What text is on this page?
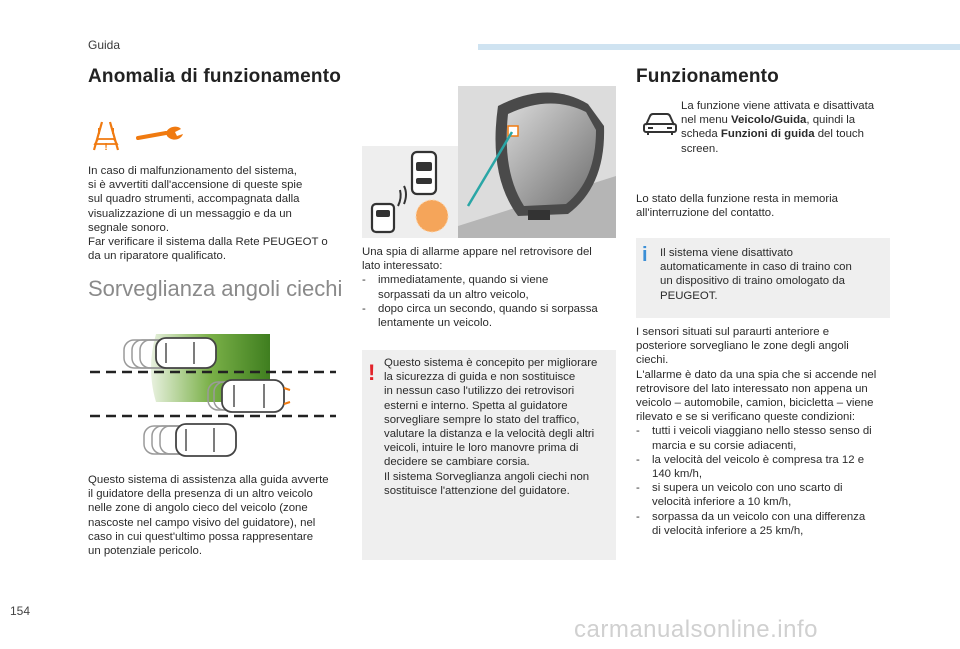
Guida
Anomalia di funzionamento
!

In caso di malfunzionamento del sistema,

si è avvertiti dall'accensione di queste spie

sul quadro strumenti, accompagnata dalla

visualizzazione di un messaggio e da un

segnale sonoro.

Far verificare il sistema dalla Rete PEUGEOT o

da un riparatore qualificato.

Sorveglianza angoli ciechi

Questo sistema di assistenza alla guida avverte

il guidatore della presenza di un altro veicolo

nelle zone di angolo cieco del veicolo (zone

nascoste nel campo visivo del guidatore), nel

caso in cui quest'ultimo possa rappresentare

un potenziale pericolo.

Una spia di allarme appare nel retrovisore del

lato interessato:

- immediatamente, quando si viene
sorpassati da un altro veicolo,
- dopo circa un secondo, quando si sorpassa
lentamente un veicolo.
! Questo sistema è concepito per migliorare

la sicurezza di guida e non sostituisce

in nessun caso l'utilizzo dei retrovisori

esterni e interno. Spetta al guidatore

sorvegliare sempre lo stato del traffico,

valutare la distanza e la velocità degli altri

veicoli, intuire le loro manovre prima di

decidere se cambiare corsia.

Il sistema Sorveglianza angoli ciechi non

sostituisce l'attenzione del guidatore.

Funzionamento

La funzione viene attivata e disattivata

nel menu Veicolo/Guida, quindi la

scheda Funzioni di guida del touch

screen.

Lo stato della funzione resta in memoria

all'interruzione del contatto.

i Il sistema viene disattivato

automaticamente in caso di traino con

un dispositivo di traino omologato da

PEUGEOT.

I sensori situati sul paraurti anteriore e

posteriore sorvegliano le zone degli angoli

ciechi.

L'allarme è dato da una spia che si accende nel

retrovisore del lato interessato non appena un

veicolo – automobile, camion, bicicletta – viene

rilevato e se si verificano queste condizioni:

- tutti i veicoli viaggiano nello stesso senso di
marcia e su corsie adiacenti,
- la velocità del veicolo è compresa tra 12 e
140 km/h,
- si supera un veicolo con uno scarto di
velocità inferiore a 10 km/h,
- sorpassa da un veicolo con una differenza
di velocità inferiore a 25 km/h,
154
carmanualsonline.info
